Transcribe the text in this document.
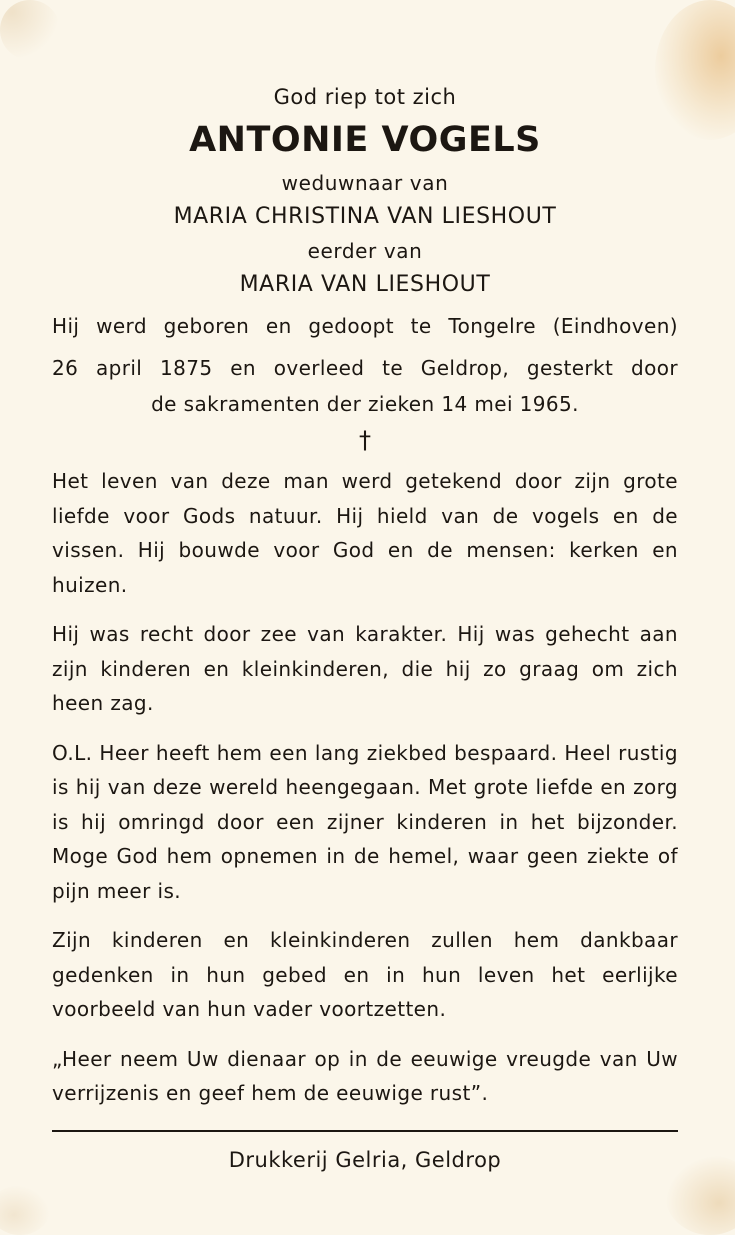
God riep tot zich
ANTONIE VOGELS
weduwnaar van
MARIA CHRISTINA VAN LIESHOUT
eerder van
MARIA VAN LIESHOUT
Hij werd geboren en gedoopt te Tongelre (Eindhoven)
26 april 1875 en overleed te Geldrop, gesterkt door
de sakramenten der zieken 14 mei 1965.
†

Het leven van deze man werd getekend door zijn grote liefde voor Gods natuur. Hij hield van de vogels en de vissen. Hij bouwde voor God en de mensen: kerken en huizen.

Hij was recht door zee van karakter. Hij was gehecht aan zijn kinderen en kleinkinderen, die hij zo graag om zich heen zag.

O.L. Heer heeft hem een lang ziekbed bespaard. Heel rustig is hij van deze wereld heengegaan. Met grote liefde en zorg is hij omringd door een zijner kinderen in het bijzonder. Moge God hem opnemen in de hemel, waar geen ziekte of pijn meer is.

Zijn kinderen en kleinkinderen zullen hem dankbaar gedenken in hun gebed en in hun leven het eerlijke voorbeeld van hun vader voortzetten.

„Heer neem Uw dienaar op in de eeuwige vreugde van Uw verrijzenis en geef hem de eeuwige rust”.

Drukkerij Gelria, Geldrop
